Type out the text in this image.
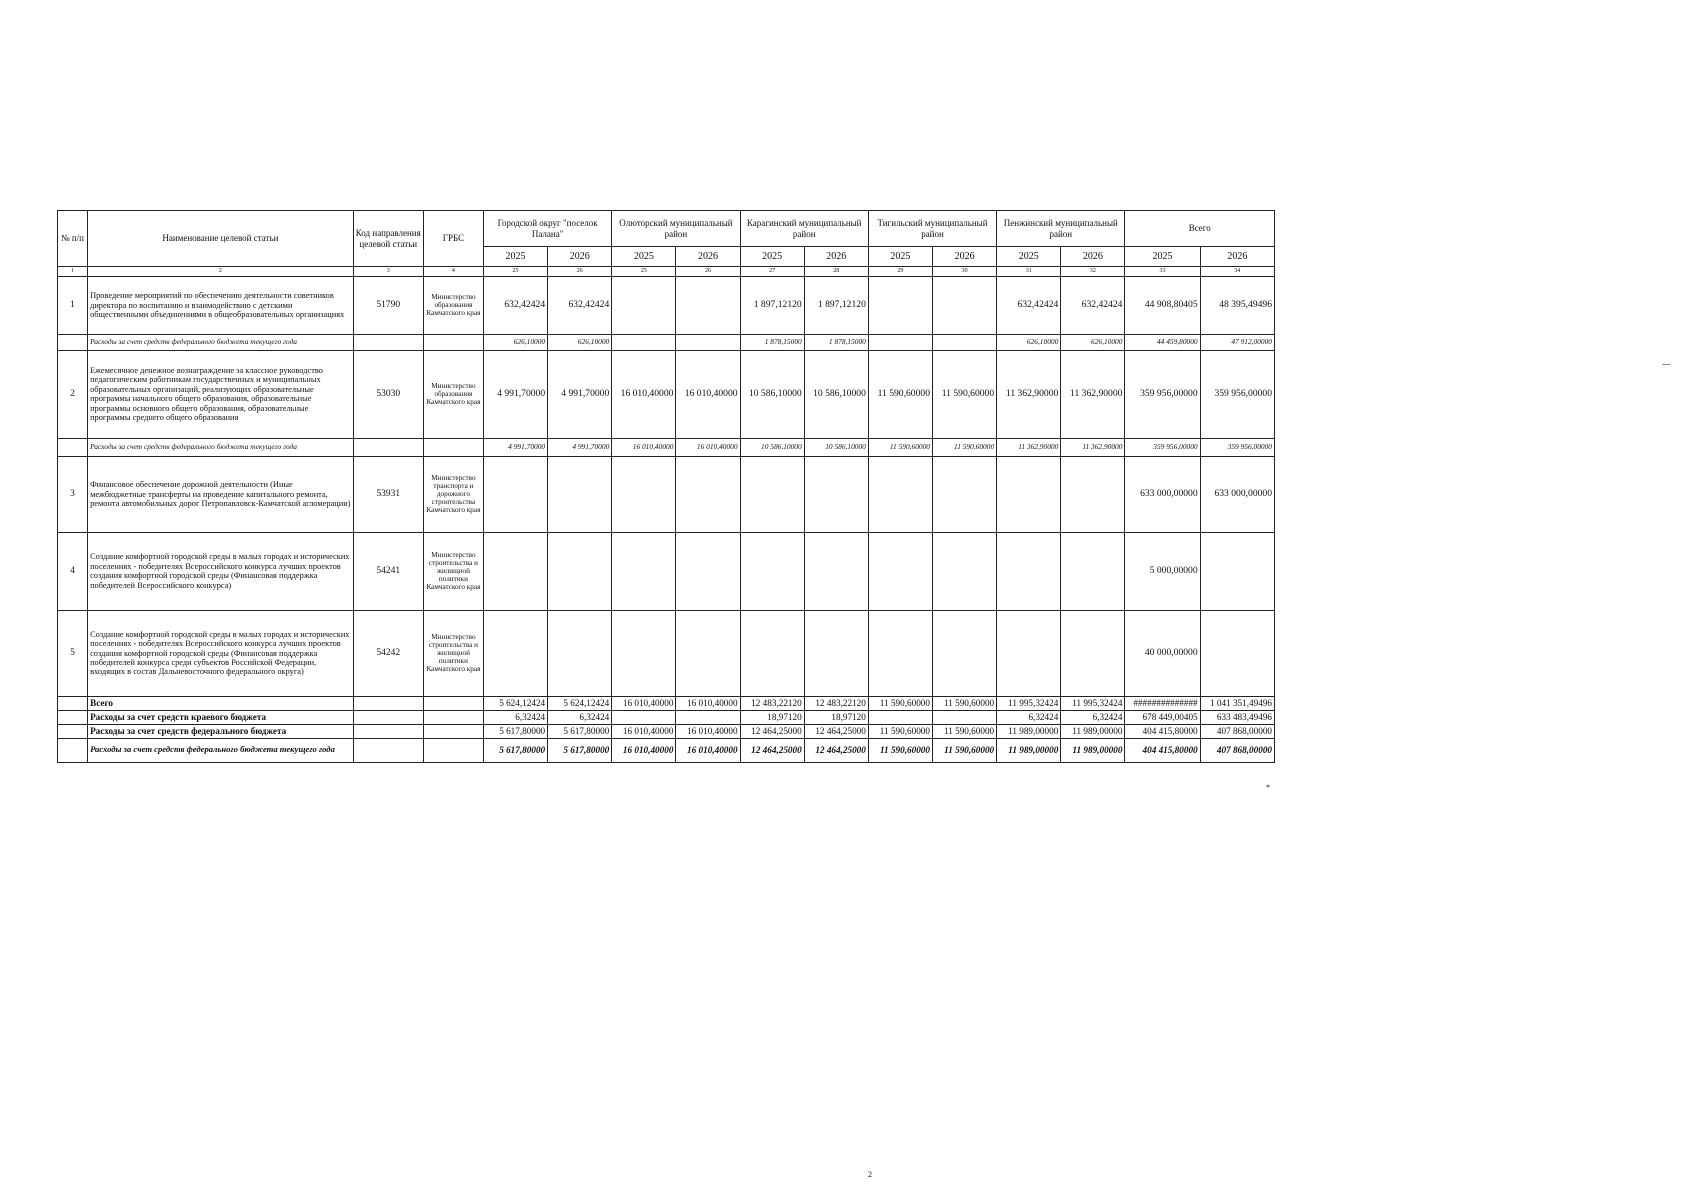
№ п/п	Наименование целевой статьи	Код направления целевой статьи	ГРБС	Городской округ "поселок Палана"		Олюторский муниципальный район		Карагинский муниципальный район		Тигильский муниципальный район		Пенжинский муниципальный район		Всего	
				2025	2026	2025	2026	2025	2026	2025	2026	2025	2026	2025	2026
1	2	3	4	25	26	25	26	27	28	29	30	31	32	33	34
1	Проведение мероприятий по обеспечению деятельности советников директора по воспитанию и взаимодействию с детскими общественными объединениями в общеобразовательных организациях	51790	Министерство образования Камчатского края	632,42424	632,42424			1 897,12120	1 897,12120			632,42424	632,42424	44 908,80405	48 395,49496
	Расходы за счет средств федерального бюджета текущего года			626,10000	626,10000			1 878,15000	1 878,15000			626,10000	626,10000	44 459,80000	47 912,00000
2	Ежемесячное денежное вознаграждение за классное руководство педагогическим работникам государственных и муниципальных образовательных организаций, реализующих образовательные программы начального общего образования, образовательные программы основного общего образования, образовательные программы среднего общего образования	53030	Министерство образования Камчатского края	4 991,70000	4 991,70000	16 010,40000	16 010,40000	10 586,10000	10 586,10000	11 590,60000	11 590,60000	11 362,90000	11 362,90000	359 956,00000	359 956,00000
	Расходы за счет средств федерального бюджета текущего года			4 991,70000	4 991,70000	16 010,40000	16 010,40000	10 586,10000	10 586,10000	11 590,60000	11 590,60000	11 362,90000	11 362,90000	359 956,00000	359 956,00000
3	Финансовое обеспечение дорожной деятельности (Иные межбюджетные трансферты на проведение капитального ремонта, ремонта автомобильных дорог Петропавловск-Камчатской агломерации)	53931	Министерство транспорта и дорожного строительства Камчатского края											633 000,00000	633 000,00000
4	Создание комфортной городской среды в малых городах и исторических поселениях - победителях Всероссийского конкурса лучших проектов создания комфортной городской среды (Финансовая поддержка победителей Всероссийского конкурса)	54241	Министерство строительства и жилищной политики Камчатского края											5 000,00000	
5	Создание комфортной городской среды в малых городах и исторических поселениях - победителях Всероссийского конкурса лучших проектов создания комфортной городской среды (Финансовая поддержка победителей конкурса среди субъектов Российской Федерации, входящих в состав Дальневосточного федерального округа)	54242	Министерство строительства и жилищной политики Камчатского края											40 000,00000	
	Всего			5 624,12424	5 624,12424	16 010,40000	16 010,40000	12 483,22120	12 483,22120	11 590,60000	11 590,60000	11 995,32424	11 995,32424	##############	1 041 351,49496
	Расходы за счет средств краевого бюджета			6,32424	6,32424			18,97120	18,97120			6,32424	6,32424	678 449,00405	633 483,49496
	Расходы за счет средств федерального бюджета			5 617,80000	5 617,80000	16 010,40000	16 010,40000	12 464,25000	12 464,25000	11 590,60000	11 590,60000	11 989,00000	11 989,00000	404 415,80000	407 868,00000
	Расходы за счет средств федерального бюджета текущего года			5 617,80000	5 617,80000	16 010,40000	16 010,40000	12 464,25000	12 464,25000	11 590,60000	11 590,60000	11 989,00000	11 989,00000	404 415,80000	407 868,00000
*
2
